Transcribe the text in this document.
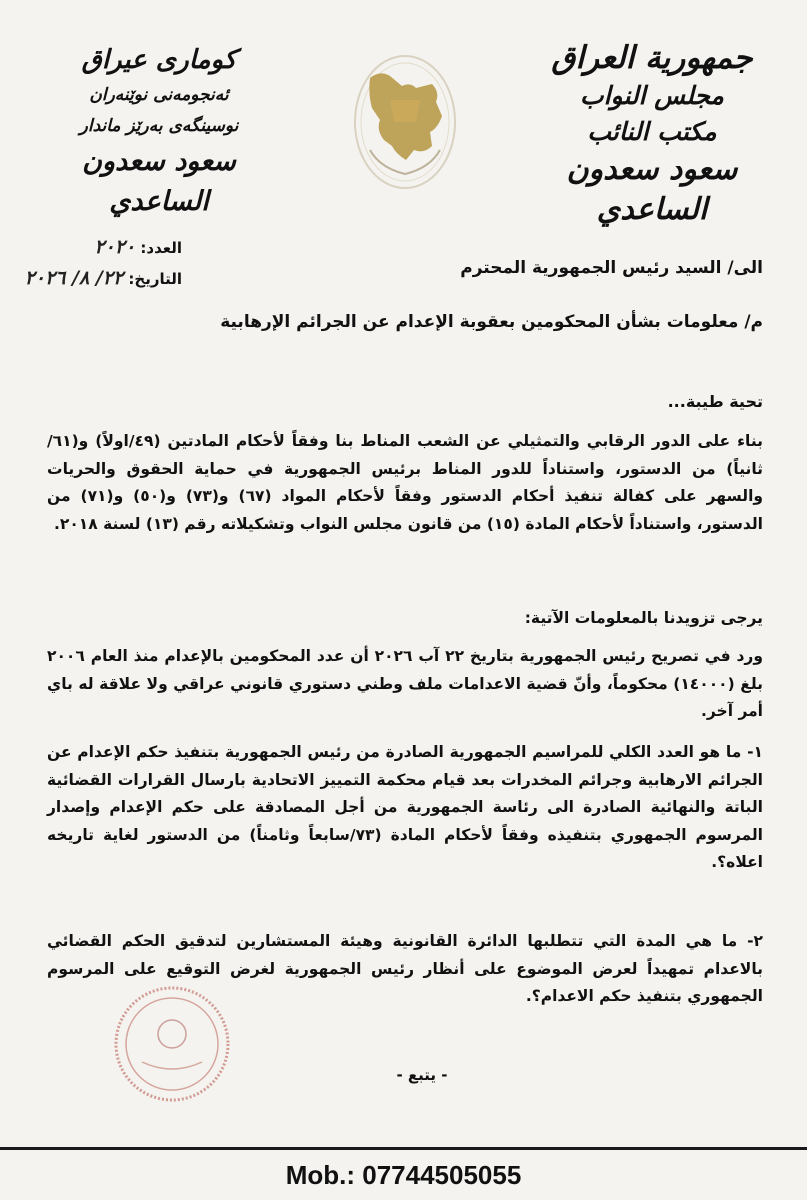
جمهورية العراق
مجلس النواب
مكتب النائب
سعود سعدون الساعدي
كوماری عیراق
ئەنجومەنی نوێنەران
نوسینگەی بەرێز ماندار
سعود سعدون الساعدي
العدد: ٢٠٢٠
التاريخ: ٢٢/ ٨/ ٢٠٢٦	الى/ السيد رئيس الجمهورية المحترم
م/ معلومات بشأن المحكومين بعقوبة الإعدام عن الجرائم الإرهابية
تحية طيبة...
بناء على الدور الرقابي والتمثيلي عن الشعب المناط بنا وفقاً لأحكام المادتين (٤٩/اولاً) و(٦١/ثانياً) من الدستور، واستناداً للدور المناط برئيس الجمهورية في حماية الحقوق والحريات والسهر على كفالة تنفيذ أحكام الدستور وفقاً لأحكام المواد (٦٧) و(٧٣) و(٥٠) و(٧١) من الدستور، واستناداً لأحكام المادة (١٥) من قانون مجلس النواب وتشكيلاته رقم (١٣) لسنة ٢٠١٨.
يرجى تزويدنا بالمعلومات الآتية:
ورد في تصريح رئيس الجمهورية بتاريخ ٢٢ آب ٢٠٢٦ أن عدد المحكومين بالإعدام منذ العام ٢٠٠٦ بلغ (١٤٠٠٠) محكوماً، وأنّ قضية الاعدامات ملف وطني دستوري قانوني عراقي ولا علاقة له باي أمر آخر.
١- ما هو العدد الكلي للمراسيم الجمهورية الصادرة من رئيس الجمهورية بتنفيذ حكم الإعدام عن الجرائم الارهابية وجرائم المخدرات بعد قيام محكمة التمييز الاتحادية بارسال القرارات القضائية الباتة والنهائية الصادرة الى رئاسة الجمهورية من أجل المصادقة على حكم الإعدام وإصدار المرسوم الجمهوري بتنفيذه وفقاً لأحكام المادة (٧٣/سابعاً وثامناً) من الدستور لغاية تاريخه اعلاه؟.
٢- ما هي المدة التي تتطلبها الدائرة القانونية وهيئة المستشارين لتدقيق الحكم القضائي بالاعدام تمهيداً لعرض الموضوع على أنظار رئيس الجمهورية لغرض التوقيع على المرسوم الجمهوري بتنفيذ حكم الاعدام؟.
- يتبع -
Mob.: 07744505055
